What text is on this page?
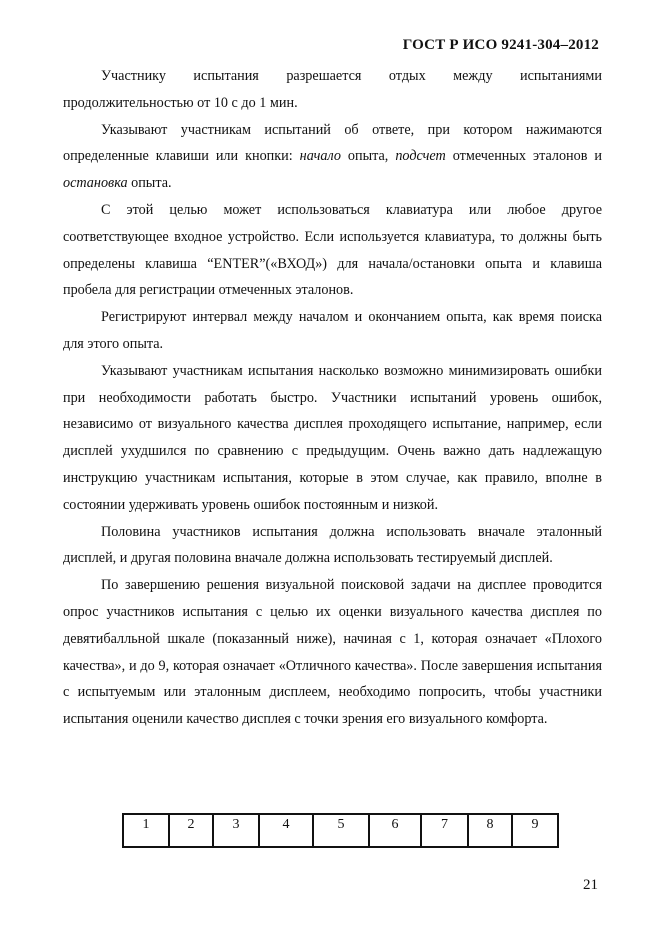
ГОСТ Р ИСО 9241-304–2012

Участнику испытания разрешается отдых между испытаниями продолжительностью от 10 с до 1 мин.

Указывают участникам испытаний об ответе, при котором нажимаются определенные клавиши или кнопки: начало опыта, подсчет отмеченных эталонов и остановка опыта.

С этой целью может использоваться клавиатура или любое другое соответствующее входное устройство. Если используется клавиатура, то должны быть определены клавиша “ENTER”(«ВХОД») для начала/остановки опыта и клавиша пробела для регистрации отмеченных эталонов.

Регистрируют интервал между началом и окончанием опыта, как время поиска для этого опыта.

Указывают участникам испытания насколько возможно минимизировать ошибки при необходимости работать быстро. Участники испытаний уровень ошибок, независимо от визуального качества дисплея проходящего испытание, например, если дисплей ухудшился по сравнению с предыдущим. Очень важно дать надлежащую инструкцию участникам испытания, которые в этом случае, как правило, вполне в состоянии удерживать уровень ошибок постоянным и низкой.

Половина участников испытания должна использовать вначале эталонный дисплей, и другая половина вначале должна использовать тестируемый дисплей.

По завершению решения визуальной поисковой задачи на дисплее проводится опрос участников испытания с целью их оценки визуального качества дисплея по девятибалльной шкале (показанный ниже), начиная с 1, которая означает «Плохого качества», и до 9, которая означает «Отличного качества». После завершения испытания с испытуемым или эталонным дисплеем, необходимо попросить, чтобы участники испытания оценили качество дисплея с точки зрения его визуального комфорта.

1	2	3	4	5	6	7	8	9
21
